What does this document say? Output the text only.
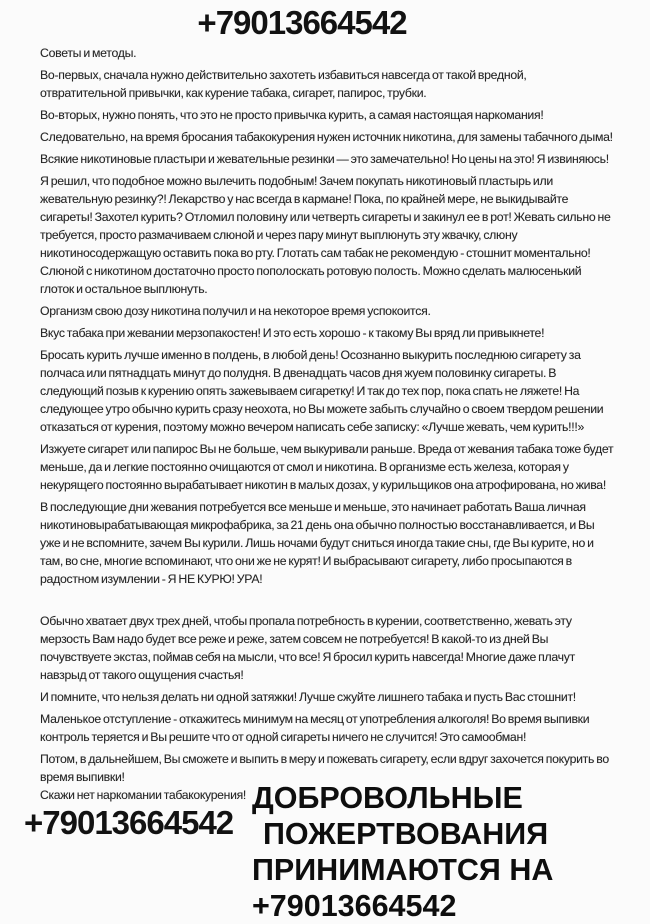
+79013664542

Советы и методы.

Во-первых, сначала нужно действительно захотеть избавиться навсегда от такой вредной, отвратительной привычки, как курение табака, сигарет, папирос, трубки.

Во-вторых, нужно понять, что это не просто привычка курить, а самая настоящая наркомания!

Следовательно, на время бросания табакокурения нужен источник никотина, для замены табачного дыма!

Всякие никотиновые пластыри и жевательные резинки — это замечательно! Но цены на это! Я извиняюсь!

Я решил, что подобное можно вылечить подобным! Зачем покупать никотиновый пластырь или жевательную резинку?! Лекарство у нас всегда в кармане! Пока, по крайней мере, не выкидывайте сигареты! Захотел курить? Отломил половину или четверть сигареты и закинул ее в рот! Жевать сильно не требуется, просто размачиваем слюной и через пару минут выплюнуть эту жвачку, слюну никотиносодержащую оставить пока во рту. Глотать сам табак не рекомендую - стошнит моментально! Слюной с никотином достаточно просто пополоскать ротовую полость. Можно сделать малюсенький глоток и остальное выплюнуть.

Организм свою дозу никотина получил и на некоторое время успокоится.

Вкус табака при жевании мерзопакостен! И это есть хорошо - к такому Вы вряд ли привыкнете!

Бросать курить лучше именно в полдень, в любой день! Осознанно выкурить последнюю сигарету за полчаса или пятнадцать минут до полудня. В двенадцать часов дня жуем половинку сигареты. В следующий позыв к курению опять зажевываем сигаретку! И так до тех пор, пока спать не ляжете! На следующее утро обычно курить сразу неохота, но Вы можете забыть случайно о своем твердом решении отказаться от курения, поэтому можно вечером написать себе записку: «Лучше жевать, чем курить!!!»

Изжуете сигарет или папирос Вы не больше, чем выкуривали раньше. Вреда от жевания табака тоже будет меньше, да и легкие постоянно очищаются от смол и никотина. В организме есть железа, которая у некурящего постоянно вырабатывает никотин в малых дозах, у курильщиков она атрофирована, но жива!

В последующие дни жевания потребуется все меньше и меньше, это начинает работать Ваша личная никотиновырабатывающая микрофабрика, за 21 день она обычно полностью восстанавливается, и Вы уже и не вспомните, зачем Вы курили. Лишь ночами будут сниться иногда такие сны, где Вы курите, но и там, во сне, многие вспоминают, что они же не курят! И выбрасывают сигарету, либо просыпаются в радостном изумлении - Я НЕ КУРЮ! УРА!

Обычно хватает двух трех дней, чтобы пропала потребность в курении, соответственно, жевать эту мерзость Вам надо будет все реже и реже, затем совсем не потребуется! В какой-то из дней Вы почувствуете экстаз, поймав себя на мысли, что все! Я бросил курить навсегда! Многие даже плачут навзрыд от такого ощущения счастья!

И помните, что нельзя делать ни одной затяжки! Лучше сжуйте лишнего табака и пусть Вас стошнит!

Маленькое отступление - откажитесь минимум на месяц от употребления алкоголя! Во время выпивки контроль теряется и Вы решите что от одной сигареты ничего не случится! Это самообман!

Потом, в дальнейшем, Вы сможете и выпить в меру и пожевать сигарету, если вдруг захочется покурить во время выпивки!

Скажи нет наркомании табакокурения!
+79013664542
ДОБРОВОЛЬНЫЕ
ПОЖЕРТВОВАНИЯ
ПРИНИМАЮТСЯ НА
+79013664542
